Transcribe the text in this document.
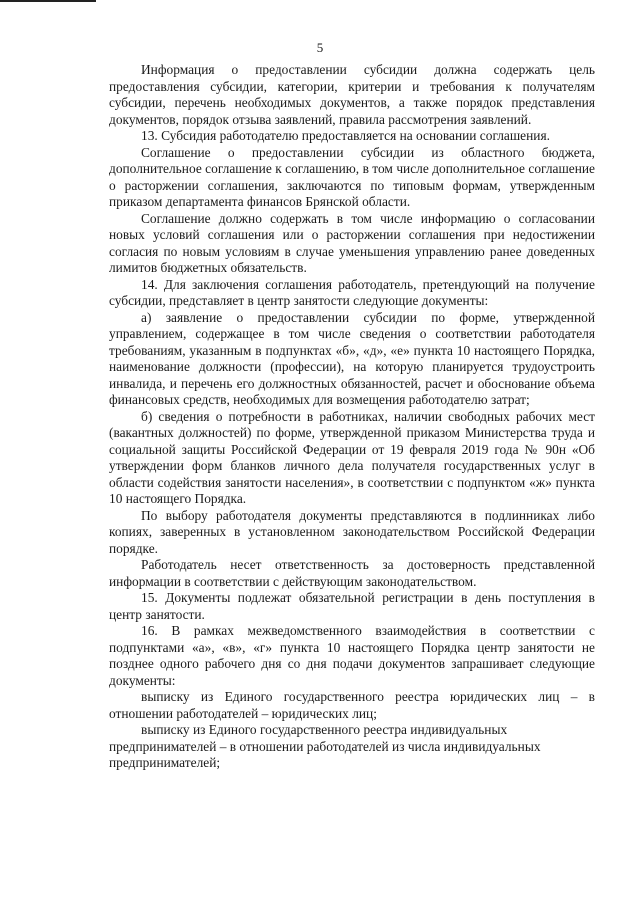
5

Информация о предоставлении субсидии должна содержать цель предоставления субсидии, категории, критерии и требования к получателям субсидии, перечень необходимых документов, а также порядок представления документов, порядок отзыва заявлений, правила рассмотрения заявлений.

13. Субсидия работодателю предоставляется на основании соглашения.

Соглашение о предоставлении субсидии из областного бюджета, дополнительное соглашение к соглашению, в том числе дополнительное соглашение о расторжении соглашения, заключаются по типовым формам, утвержденным приказом департамента финансов Брянской области.

Соглашение должно содержать в том числе информацию о согласовании новых условий соглашения или о расторжении соглашения при недостижении согласия по новым условиям в случае уменьшения управлению ранее доведенных лимитов бюджетных обязательств.

14. Для заключения соглашения работодатель, претендующий на получение субсидии, представляет в центр занятости следующие документы:

а) заявление о предоставлении субсидии по форме, утвержденной управлением, содержащее в том числе сведения о соответствии работодателя требованиям, указанным в подпунктах «б», «д», «е» пункта 10 настоящего Порядка, наименование должности (профессии), на которую планируется трудоустроить инвалида, и перечень его должностных обязанностей, расчет и обоснование объема финансовых средств, необходимых для возмещения работодателю затрат;

б) сведения о потребности в работниках, наличии свободных рабочих мест (вакантных должностей) по форме, утвержденной приказом Министерства труда и социальной защиты Российской Федерации от 19 февраля 2019 года № 90н «Об утверждении форм бланков личного дела получателя государственных услуг в области содействия занятости населения», в соответствии с подпунктом «ж» пункта 10 настоящего Порядка.

По выбору работодателя документы представляются в подлинниках либо копиях, заверенных в установленном законодательством Российской Федерации порядке.

Работодатель несет ответственность за достоверность представленной информации в соответствии с действующим законодательством.

15. Документы подлежат обязательной регистрации в день поступления в центр занятости.

16. В рамках межведомственного взаимодействия в соответствии с подпунктами «а», «в», «г» пункта 10 настоящего Порядка центр занятости не позднее одного рабочего дня со дня подачи документов запрашивает следующие документы:

выписку из Единого государственного реестра юридических лиц – в отношении работодателей – юридических лиц;

выписку из Единого государственного реестра индивидуальных предпринимателей – в отношении работодателей из числа индивидуальных предпринимателей;
